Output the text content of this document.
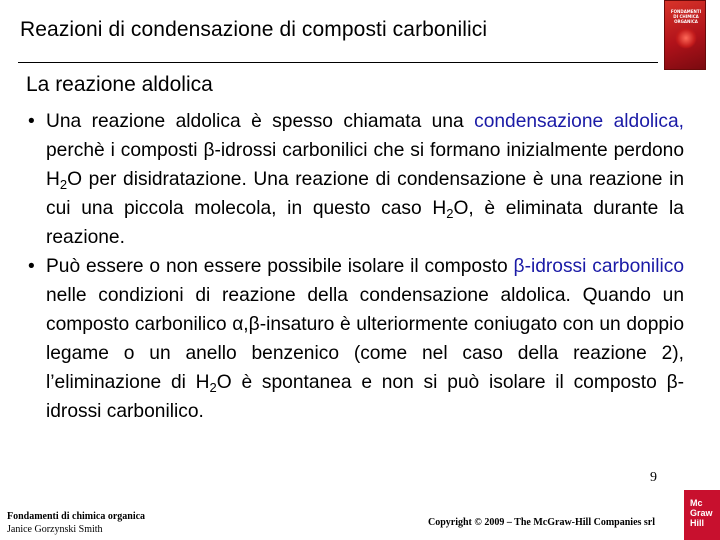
Reazioni di condensazione di composti carbonilici
FONDAMENTI
DI CHIMICA
ORGANICA
La reazione aldolica

• Una reazione aldolica è spesso chiamata una condensazione aldolica, perchè i composti β-idrossi carbonilici che si formano inizialmente perdono $H_2O$ per disidratazione. Una reazione di condensazione è una reazione in cui una piccola molecola, in questo caso $H_2O$, è eliminata durante la reazione.

• Può essere o non essere possibile isolare il composto β-idrossi carbonilico nelle condizioni di reazione della condensazione aldolica. Quando un composto carbonilico α,β-insaturo è ulteriormente coniugato con un doppio legame o un anello benzenico (come nel caso della reazione 2), l’eliminazione di $H_2O$ è spontanea e non si può isolare il composto β-idrossi carbonilico.

9
Fondamenti di chimica organica
Janice Gorzynski Smith
Copyright © 2009 – The McGraw-Hill Companies srl
Mc
Graw
Hill
